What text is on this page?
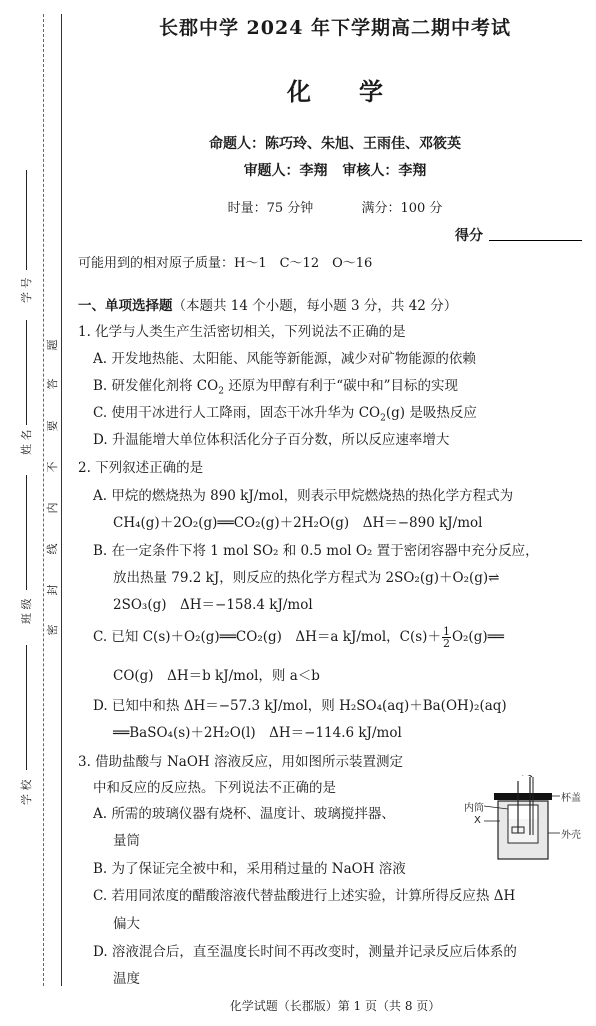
学 号
姓 名
班 级
学 校
题
答
要
不
内
线
封
密
长郡中学 2024 年下学期高二期中考试
化学
命题人：陈巧玲、朱旭、王雨佳、邓筱英
审题人：李翔 审核人：李翔
时量：75 分钟	满分：100 分
得分
可能用到的相对原子质量：H～1　C～12　O～16
一、单项选择题（本题共 14 个小题，每小题 3 分，共 42 分）
1. 化学与人类生产生活密切相关，下列说法不正确的是
A. 开发地热能、太阳能、风能等新能源，减少对矿物能源的依赖
B. 研发催化剂将 $CO_2$ 还原为甲醇有利于“碳中和”目标的实现
C. 使用干冰进行人工降雨，固态干冰升华为 $CO_2(g)$ 是吸热反应
D. 升温能增大单位体积活化分子百分数，所以反应速率增大
2. 下列叙述正确的是
A. 甲烷的燃烧热为 890 kJ/mol，则表示甲烷燃烧热的热化学方程式为
CH₄(g)＋2O₂(g)══CO₂(g)＋2H₂O(g)　ΔH＝−890 kJ/mol
B. 在一定条件下将 1 mol SO₂ 和 0.5 mol O₂ 置于密闭容器中充分反应，
放出热量 79.2 kJ，则反应的热化学方程式为 2SO₂(g)＋O₂(g)⇌
2SO₃(g)　ΔH＝−158.4 kJ/mol
C. 已知 C(s)＋O₂(g)══CO₂(g)　ΔH＝a kJ/mol，$C(s)+ \frac{1}{2}$ O₂(g)══
CO(g)　ΔH＝b kJ/mol，则 a＜b
D. 已知中和热 ΔH＝−57.3 kJ/mol，则 H₂SO₄(aq)＋Ba(OH)₂(aq)
══BaSO₄(s)＋2H₂O(l)　ΔH＝−114.6 kJ/mol
3. 借助盐酸与 NaOH 溶液反应，用如图所示装置测定
中和反应的反应热。下列说法不正确的是
A. 所需的玻璃仪器有烧杯、温度计、玻璃搅拌器、
量筒
B. 为了保证完全被中和，采用稍过量的 NaOH 溶液
C. 若用同浓度的醋酸溶液代替盐酸进行上述实验，计算所得反应热 ΔH
偏大
D. 溶液混合后，直至温度长时间不再改变时，测量并记录反应后体系的
温度
内筒
X
杯盖
外壳
化学试题（长郡版）第 1 页（共 8 页）
